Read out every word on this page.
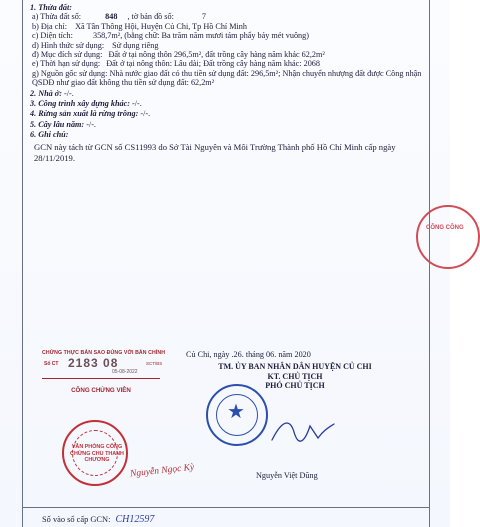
1. Thửa đất:
a) Thửa đất số:	848 , tờ bản đồ số:	7
b) Địa chỉ: Xã Tân Thông Hội, Huyện Củ Chi, Tp Hồ Chí Minh
c) Diện tích: 358,7m², (bằng chữ: Ba trăm năm mươi tám phẩy bảy mét vuông)
d) Hình thức sử dụng: Sử dụng riêng
đ) Mục đích sử dụng: Đất ở tại nông thôn 296,5m², đất trồng cây hàng năm khác 62,2m²
e) Thời hạn sử dụng: Đất ở tại nông thôn: Lâu dài; Đất trồng cây hàng năm khác: 2068
g) Nguồn gốc sử dụng: Nhà nước giao đất có thu tiền sử dụng đất: 296,5m²; Nhận chuyển nhượng đất được Công nhận QSDĐ như giao đất không thu tiền sử dụng đất: 62,2m²
2. Nhà ở: -/-.
3. Công trình xây dựng khác: -/-.
4. Rừng sản xuất là rừng trồng: -/-.
5. Cây lâu năm: -/-.
6. Ghi chú:
GCN này tách từ GCN số CS11993 do Sở Tài Nguyên và Môi Trường Thành phố Hồ Chí Minh cấp ngày 28/11/2019.
CÔNG CÔNG
CHỨNG THỰC BẢN SAO ĐÚNG VỚI BẢN CHÍNH
Số CT 2183 08	SCT/BS
05-08-2022
CÔNG CHỨNG VIÊN
VĂN PHÒNG CÔNG CHỨNG CHU THANH CHƯƠNG
Nguyễn Ngọc Kỳ
Củ Chi, ngày .26. tháng 06. năm 2020
TM. ỦY BAN NHÂN DÂN HUYỆN CỦ CHI
KT. CHỦ TỊCH
PHÓ CHỦ TỊCH
★
Nguyễn Việt Dũng
Số vào sổ cấp GCN: CH12597
